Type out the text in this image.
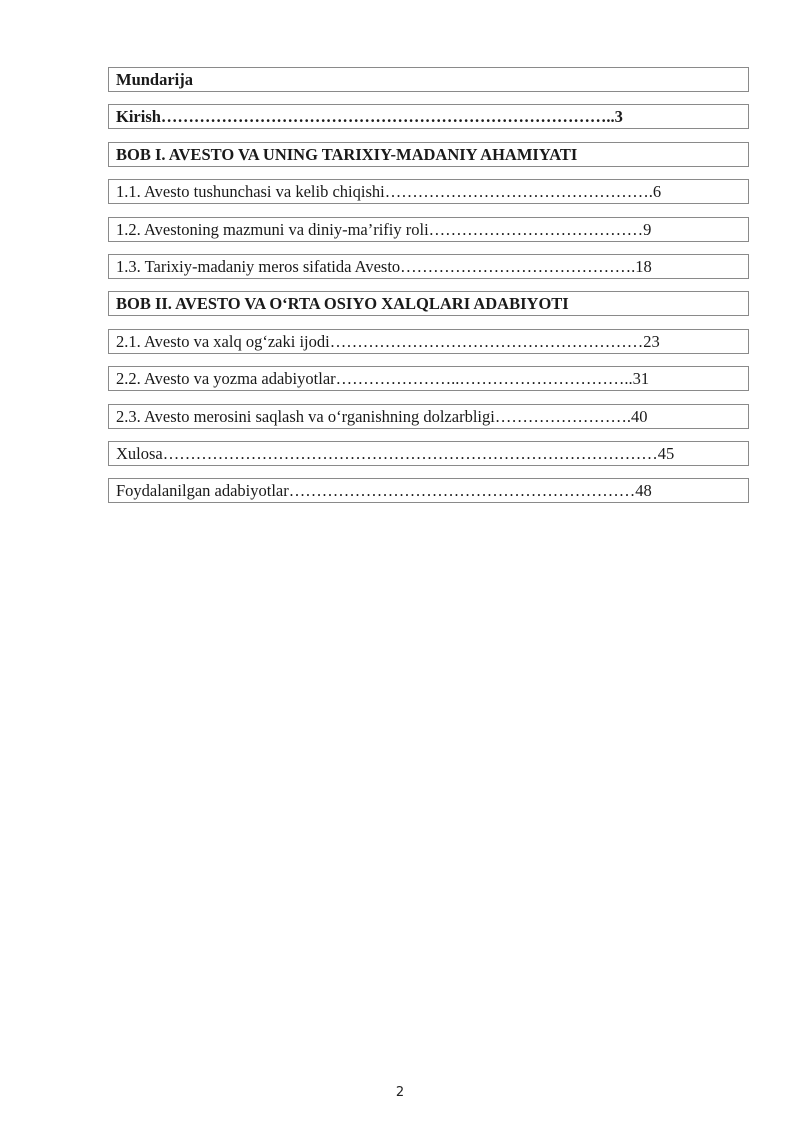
Mundarija
Kirish………………………………………………………………………..3
BOB I. AVESTO VA UNING TARIXIY-MADANIY AHAMIYATI
1.1. Avesto tushunchasi va kelib chiqishi………………………………………….6
1.2. Avestoning mazmuni va diniy-ma’rifiy roli…………………………………9
1.3. Tarixiy-madaniy meros sifatida Avesto…………………………………….18
BOB II. AVESTO VA O‘RTA OSIYO XALQLARI ADABIYOTI
2.1. Avesto va xalq og‘zaki ijodi…………………………………………………23
2.2. Avesto va yozma adabiyotlar…………………..…………………………..31
2.3. Avesto merosini saqlash va o‘rganishning dolzarbligi…………………….40
Xulosa………………………………………………………………………………45
Foydalanilgan adabiyotlar………………………………………………………48
2
